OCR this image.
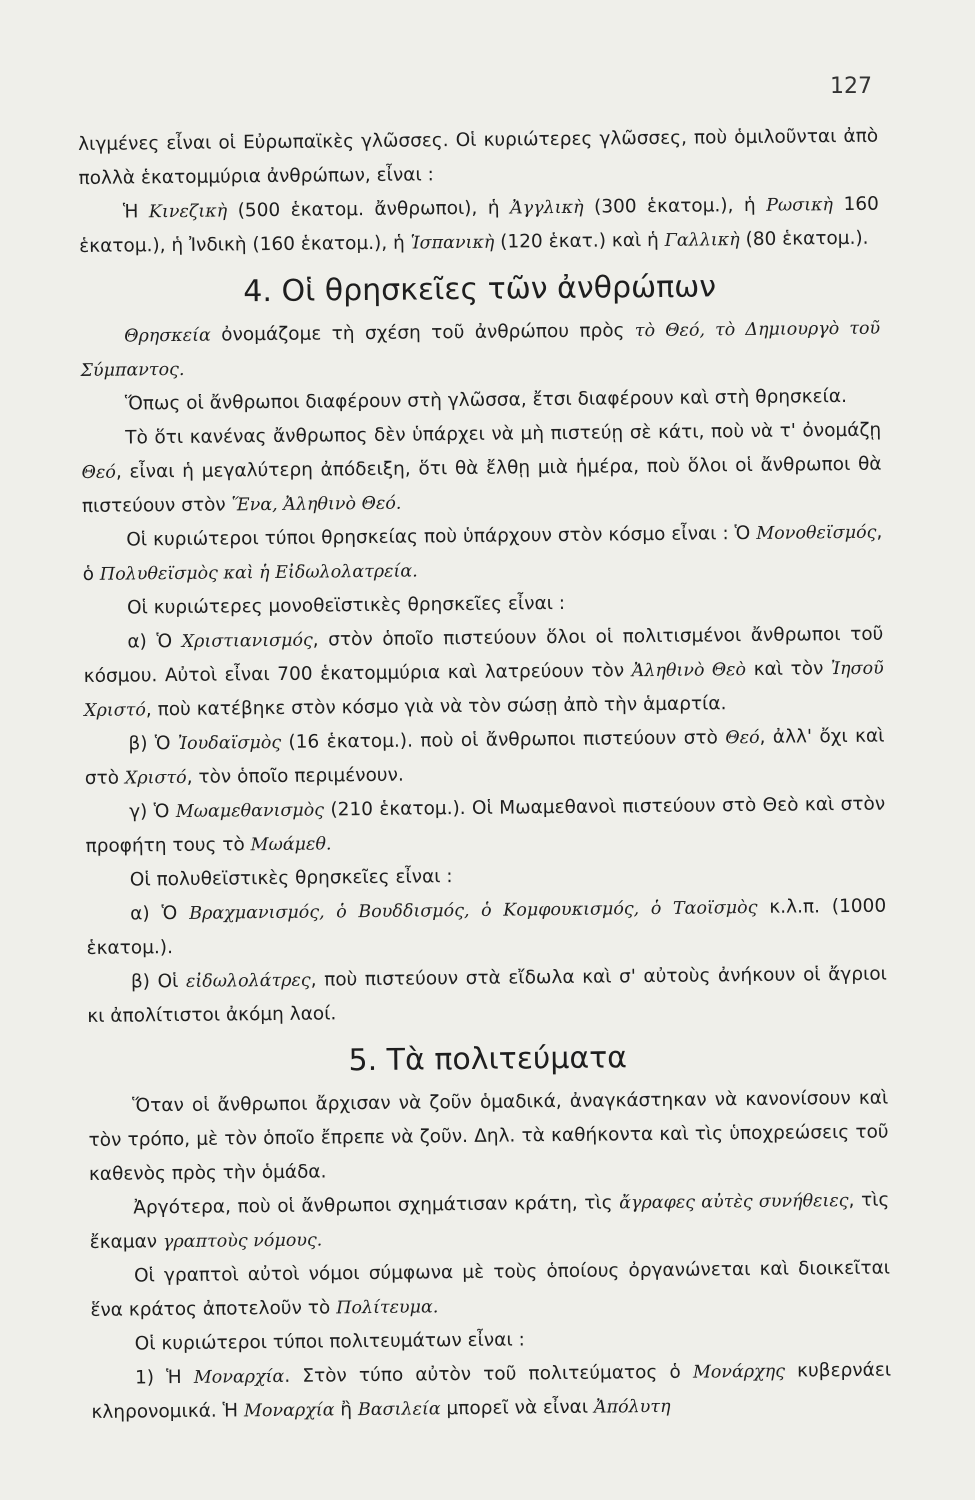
127

λιγμένες εἶναι οἱ Εὐρωπαϊκὲς γλῶσσες. Οἱ κυριώτερες γλῶσσες, ποὺ ὁμιλοῦνται ἀπὸ πολλὰ ἑκατομμύρια ἀνθρώπων, εἶναι :

Ἡ Κινεζικὴ (500 ἑκατομ. ἄνθρωποι), ἡ Ἀγγλικὴ (300 ἑκατομ.), ἡ Ρωσικὴ 160 ἑκατομ.), ἡ Ἰνδικὴ (160 ἑκατομ.), ἡ Ἱσπανικὴ (120 ἑκατ.) καὶ ἡ Γαλλικὴ (80 ἑκατομ.).

4. Οἱ θρησκεῖες τῶν ἀνθρώπων

Θρησκεία ὀνομάζομε τὴ σχέση τοῦ ἀνθρώπου πρὸς τὸ Θεό, τὸ Δημιουργὸ τοῦ Σύμπαντος.

Ὅπως οἱ ἄνθρωποι διαφέρουν στὴ γλῶσσα, ἔτσι διαφέρουν καὶ στὴ θρησκεία.

Τὸ ὅτι κανένας ἄνθρωπος δὲν ὑπάρχει νὰ μὴ πιστεύῃ σὲ κάτι, ποὺ νὰ τ' ὀνομάζῃ Θεό, εἶναι ἡ μεγαλύτερη ἀπόδειξη, ὅτι θὰ ἔλθῃ μιὰ ἡμέρα, ποὺ ὅλοι οἱ ἄνθρωποι θὰ πιστεύουν στὸν Ἕνα, Ἀληθινὸ Θεό.

Οἱ κυριώτεροι τύποι θρησκείας ποὺ ὑπάρχουν στὸν κόσμο εἶναι : Ὁ Μονοθεϊσμός, ὁ Πολυθεϊσμὸς καὶ ἡ Εἰδωλολατρεία.

Οἱ κυριώτερες μονοθεϊστικὲς θρησκεῖες εἶναι :

α) Ὁ Χριστιανισμός, στὸν ὁποῖο πιστεύουν ὅλοι οἱ πολιτισμένοι ἄνθρωποι τοῦ κόσμου. Αὐτοὶ εἶναι 700 ἑκατομμύρια καὶ λατρεύουν τὸν Ἀληθινὸ Θεὸ καὶ τὸν Ἰησοῦ Χριστό, ποὺ κατέβηκε στὸν κόσμο γιὰ νὰ τὸν σώσῃ ἀπὸ τὴν ἁμαρτία.

β) Ὁ Ἰουδαϊσμὸς (16 ἑκατομ.). ποὺ οἱ ἄνθρωποι πιστεύουν στὸ Θεό, ἀλλ' ὄχι καὶ στὸ Χριστό, τὸν ὁποῖο περιμένουν.

γ) Ὁ Μωαμεθανισμὸς (210 ἑκατομ.). Οἱ Μωαμεθανοὶ πιστεύουν στὸ Θεὸ καὶ στὸν προφήτη τους τὸ Μωάμεθ.

Οἱ πολυθεϊστικὲς θρησκεῖες εἶναι :

α) Ὁ Βραχμανισμός, ὁ Βουδδισμός, ὁ Κομφουκισμός, ὁ Ταοϊσμὸς κ.λ.π. (1000 ἑκατομ.).

β) Οἱ εἰδωλολάτρες, ποὺ πιστεύουν στὰ εἴδωλα καὶ σ' αὐτοὺς ἀνήκουν οἱ ἄγριοι κι ἀπολίτιστοι ἀκόμη λαοί.

5. Τὰ πολιτεύματα

Ὅταν οἱ ἄνθρωποι ἄρχισαν νὰ ζοῦν ὁμαδικά, ἀναγκάστηκαν νὰ κανονίσουν καὶ τὸν τρόπο, μὲ τὸν ὁποῖο ἔπρεπε νὰ ζοῦν. Δηλ. τὰ καθήκοντα καὶ τὶς ὑποχρεώσεις τοῦ καθενὸς πρὸς τὴν ὁμάδα.

Ἀργότερα, ποὺ οἱ ἄνθρωποι σχημάτισαν κράτη, τὶς ἄγραφες αὐτὲς συνήθειες, τὶς ἔκαμαν γραπτοὺς νόμους.

Οἱ γραπτοὶ αὐτοὶ νόμοι σύμφωνα μὲ τοὺς ὁποίους ὀργανώνεται καὶ διοικεῖται ἕνα κράτος ἀποτελοῦν τὸ Πολίτευμα.

Οἱ κυριώτεροι τύποι πολιτευμάτων εἶναι :

1) Ἡ Μοναρχία. Στὸν τύπο αὐτὸν τοῦ πολιτεύματος ὁ Μονάρχης κυβερνάει κληρονομικά. Ἡ Μοναρχία ἢ Βασιλεία μπορεῖ νὰ εἶναι Ἀπόλυτη
